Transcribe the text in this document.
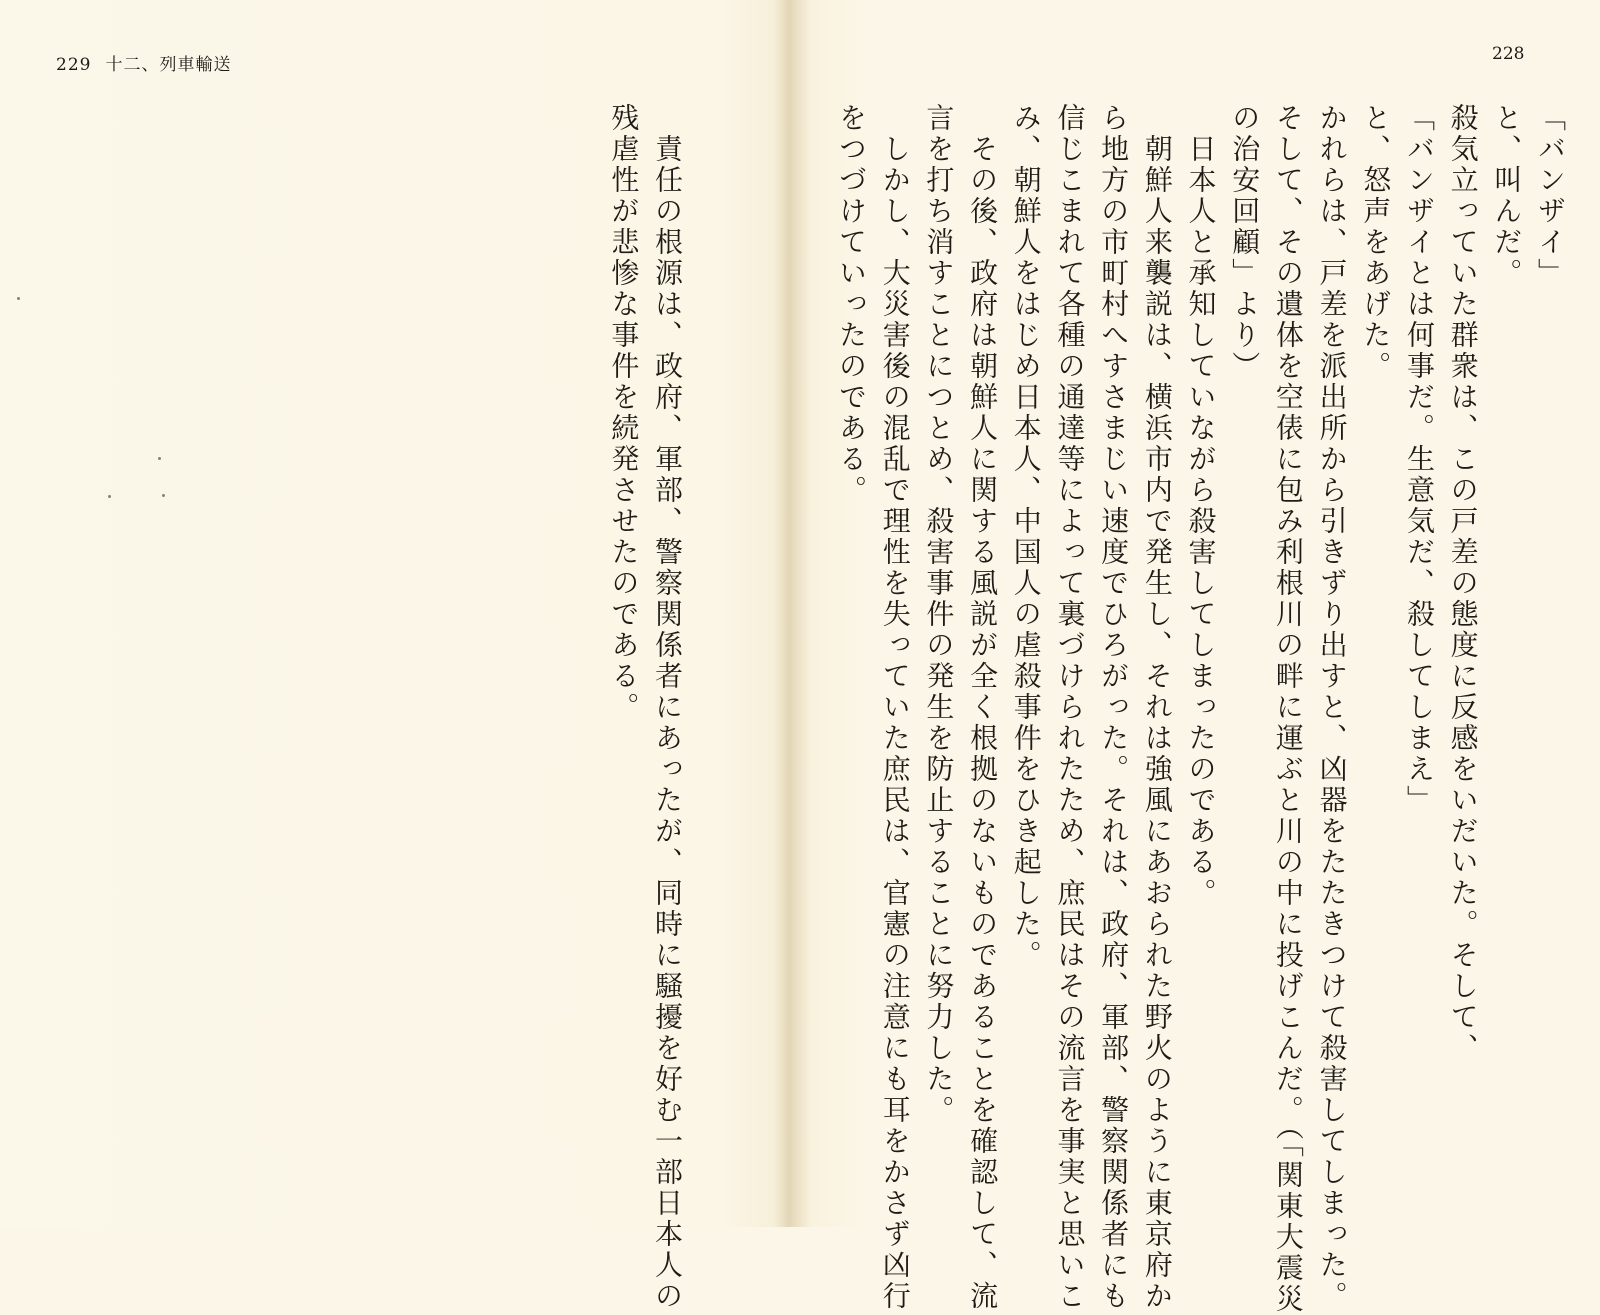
229 十二、列車輸送

　責任の根源は、政府、軍部、警察関係者にあったが、同時に騒擾を好む一部日本人の

残虐性が悲惨な事件を続発させたのである。

228

「バンザイ」

と、叫んだ。

殺気立っていた群衆は、この戸差の態度に反感をいだいた。そして、

「バンザイとは何事だ。生意気だ、殺してしまえ」

と、怒声をあげた。

かれらは、戸差を派出所から引きずり出すと、凶器をたたきつけて殺害してしまった。

そして、その遺体を空俵に包み利根川の畔に運ぶと川の中に投げこんだ。（「関東大震災

の治安回顧」より）

　日本人と承知していながら殺害してしまったのである。

　朝鮮人来襲説は、横浜市内で発生し、それは強風にあおられた野火のように東京府か

ら地方の市町村へすさまじい速度でひろがった。それは、政府、軍部、警察関係者にも

信じこまれて各種の通達等によって裏づけられたため、庶民はその流言を事実と思いこ

み、朝鮮人をはじめ日本人、中国人の虐殺事件をひき起した。

　その後、政府は朝鮮人に関する風説が全く根拠のないものであることを確認して、流

言を打ち消すことにつとめ、殺害事件の発生を防止することに努力した。

　しかし、大災害後の混乱で理性を失っていた庶民は、官憲の注意にも耳をかさず凶行

をつづけていったのである。
